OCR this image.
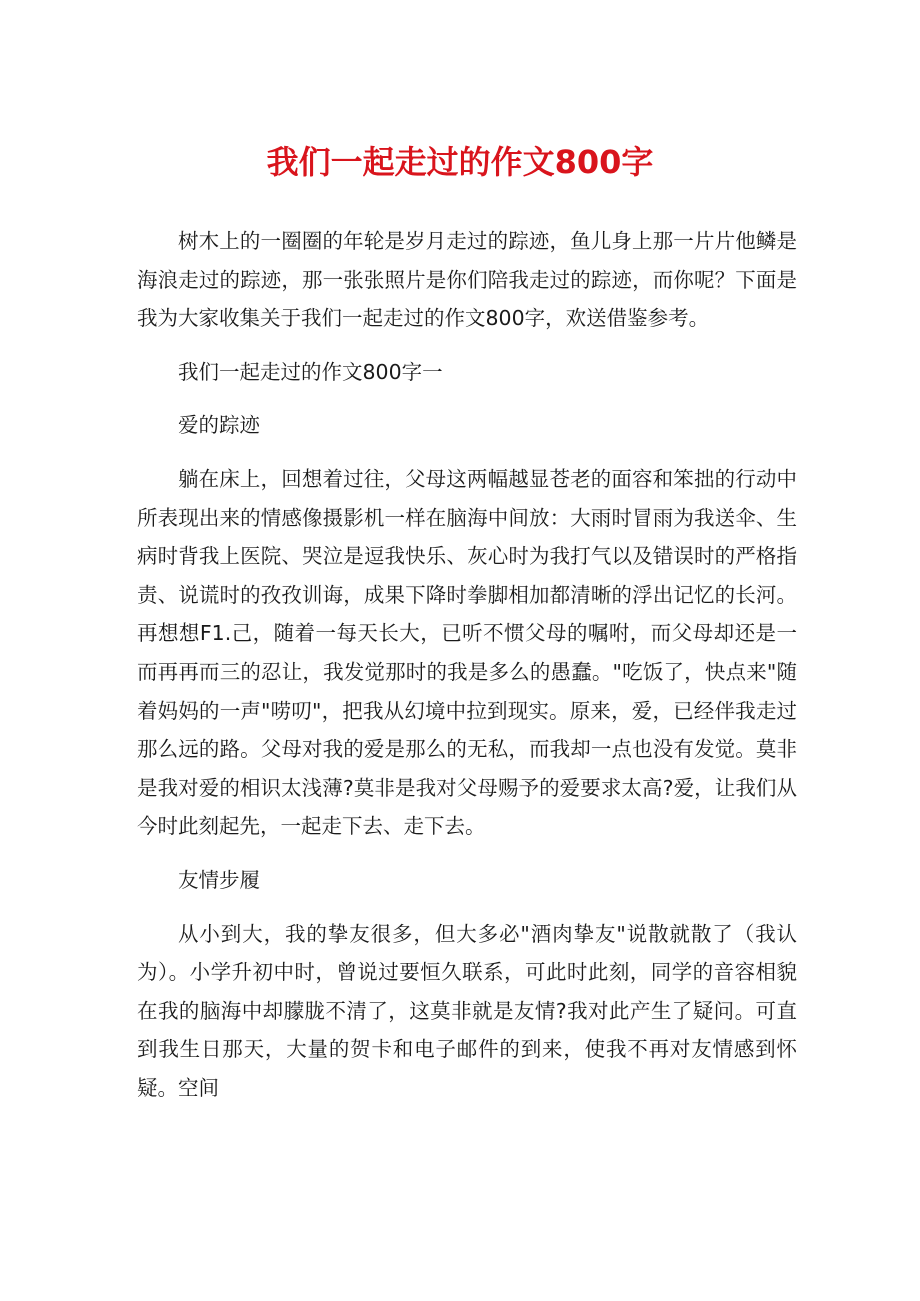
我们一起走过的作文800字

树木上的一圈圈的年轮是岁月走过的踪迹，鱼儿身上那一片片他鳞是海浪走过的踪迹，那一张张照片是你们陪我走过的踪迹，而你呢？下面是我为大家收集关于我们一起走过的作文800字，欢送借鉴参考。

我们一起走过的作文800字一

爱的踪迹

躺在床上，回想着过往，父母这两幅越显苍老的面容和笨拙的行动中所表现出来的情感像摄影机一样在脑海中间放：大雨时冒雨为我送伞、生病时背我上医院、哭泣是逗我快乐、灰心时为我打气以及错误时的严格指责、说谎时的孜孜训诲，成果下降时拳脚相加都清晰的浮出记忆的长河。再想想F1.己，随着一每天长大，已听不惯父母的嘱咐，而父母却还是一而再再而三的忍让，我发觉那时的我是多么的愚蠢。"吃饭了，快点来"随着妈妈的一声"唠叨"，把我从幻境中拉到现实。原来，爱，已经伴我走过那么远的路。父母对我的爱是那么的无私，而我却一点也没有发觉。莫非是我对爱的相识太浅薄?莫非是我对父母赐予的爱要求太高?爱，让我们从今时此刻起先，一起走下去、走下去。

友情步履

从小到大，我的挚友很多，但大多必"酒肉挚友"说散就散了（我认为）。小学升初中时，曾说过要恒久联系，可此时此刻，同学的音容相貌在我的脑海中却朦胧不清了，这莫非就是友情?我对此产生了疑问。可直到我生日那天，大量的贺卡和电子邮件的到来，使我不再对友情感到怀疑。空间
